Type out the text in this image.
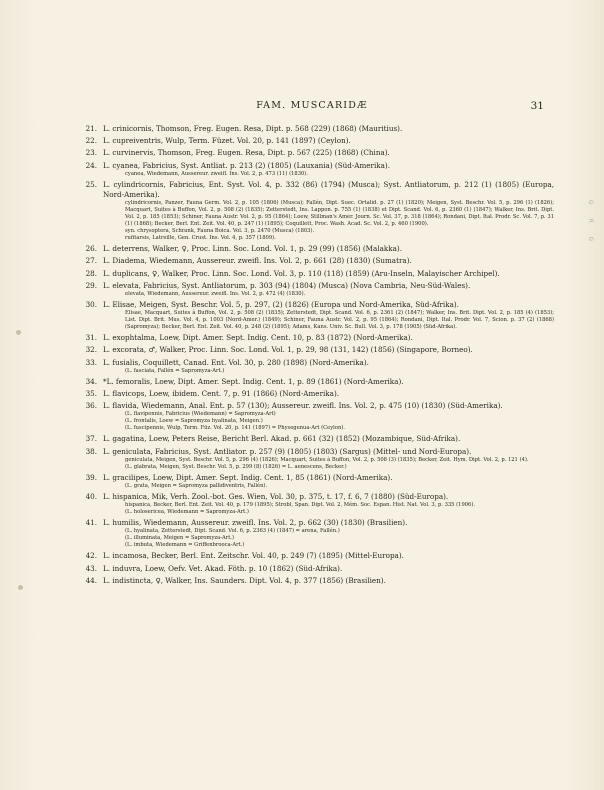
FAM. MUSCARIDÆ	31
21. L. crinicornis, Thomson, Freg. Eugen. Resa, Dipt. p. 568 (229) (1868) (Mauritius).
22. L. cupreiventris, Wulp, Term. Füzet. Vol. 20, p. 141 (1897) (Ceylon).
23. L. curvinervis, Thomson, Freg. Eugen. Resa, Dipt. p. 567 (225) (1868) (China).
24. L. cyanea, Fabricius, Syst. Antliat. p. 213 (2) (1805) (Lauxania) (Süd-Amerika).
cyanea, Wiedemann, Aussereur. zweifl. Ins. Vol. 2, p. 473 (11) (1830).
25. L. cylindricornis, Fabricius, Ent. Syst. Vol. 4, p. 332 (86) (1794) (Musca); Syst. Antliatorum, p. 212 (1) (1805) (Europa, Nord-Amerika).
cylindricornis, Panzer, Fauna Germ. Vol. 2, p. 105 (1806) (Musca); Fallén, Dipt. Suec. Ortalid. p. 27 (1) (1820); Meigen, Syst. Beschr. Vol. 5, p. 296 (1) (1826); Macquart, Suites à Buffon, Vol. 2, p. 508 (2) (1835); Zetterstedt, Ins. Lappon. p. 755 (1) (1838) et Dipt. Scand. Vol. 6, p. 2360 (1) (1847); Walker, Ins. Brit. Dipt. Vol. 2, p. 185 (1853); Schiner, Fauna Austr. Vol. 2, p. 95 (1864); Loew, Stillman's Amer. Journ. Sc. Vol. 37, p. 318 (1864); Rondani, Dipt. Ital. Prodr. Sc. Vol. 7, p. 31 (1) (1868); Becker, Berl. Ent. Zeit. Vol. 40, p. 247 (1) (1895); Coquillett, Proc. Wash. Acad. Sc. Vol. 2, p. 460 (1900).
syn. chrysoptera, Schrank, Fauna Boica. Vol. 3, p. 2470 (Musca) (1803).
rufitarsis, Latreille, Gen. Crust. Ins. Vol. 4, p. 357 (1809).
26. L. deterrens, Walker, ♀, Proc. Linn. Soc. Lond. Vol. 1, p. 29 (99) (1856) (Malakka).
27. L. Diadema, Wiedemann, Aussereur. zweifl. Ins. Vol. 2, p. 661 (28) (1830) (Sumatra).
28. L. duplicans, ♀, Walker, Proc. Linn. Soc. Lond. Vol. 3, p. 110 (118) (1859) (Aru-Inseln, Malayischer Archipel).
29. L. elevata, Fabricius, Syst. Antliatorum, p. 303 (94) (1804) (Musca) (Nova Cambria, Neu-Süd-Wales).
elevata, Wiedemann, Aussereur. zweifl. Ins. Vol. 2, p. 472 (4) (1830).
30. L. Elisae, Meigen, Syst. Beschr. Vol. 5, p. 297, (2) (1826) (Europa und Nord-Amerika, Süd-Afrika).
Elisae, Macquart, Suites à Buffon, Vol. 2, p. 508 (2) (1835); Zetterstedt, Dipt. Scand. Vol. 6, p. 2361 (2) (1847); Walker, Ins. Brit. Dipt. Vol. 2, p. 185 (4) (1853); List. Dipt. Brit. Mus. Vol. 4, p. 1003 (Nord-Amer.) (1849); Schiner, Fauna Austr. Vol. 2, p. 95 (1864); Rondani, Dipt. Ital. Prodr. Vol. 7, Scion. p. 37 (2) (1868) (Sapromyza); Becker, Berl. Ent. Zeit. Vol. 40, p. 248 (2) (1895); Adams, Kans. Univ. Sc. Bull. Vol. 3, p. 178 (1905) (Süd-Afrika).
31. L. exophtalma, Loew, Dipt. Amer. Sept. Indig. Cent. 10, p. 83 (1872) (Nord-Amerika).
32. L. excorata, ♂, Walker, Proc. Linn. Soc. Lond. Vol. 1, p. 29, 98 (131, 142) (1856) (Singapore, Borneo).
33. L. fusialis, Coquillett, Canad. Ent. Vol. 30, p. 280 (1898) (Nord-Amerika).
(L. fasciata, Fallén = Sapromyza-Art.)
34. *L. femoralis, Loew, Dipt. Amer. Sept. Indig. Cent. 1, p. 89 (1861) (Nord-Amerika).
35. L. flavicops, Loew, ibidem. Cent. 7, p. 91 (1866) (Nord-Amerika).
36. L. flavida, Wiedemann, Anal. Ent. p. 57 (130); Aussereur. zweifl. Ins. Vol. 2, p. 475 (10) (1830) (Süd-Amerika).
(L. flavipennis, Fabricius (Wiedemann) = Sapromyza-Art)
(L. frontalis, Loew = Sapromyza hyalinata, Meigen.)
(L. fuscipennis, Wulp, Term. Füz. Vol. 20, p. 141 (1897) = Physegenua-Art (Ceylon).
37. L. gagatina, Loew, Peters Reise, Bericht Berl. Akad. p. 661 (32) (1852) (Mozambique, Süd-Afrika).
38. L. geniculata, Fabricius, Syst. Antliator. p. 257 (9) (1805) (1803) (Sargus) (Mittel- und Nord-Europa).
geniculata, Meigen, Syst. Beschr. Vol. 5, p. 296 (4) (1826); Macquart, Suites à Buffon, Vol. 2, p. 508 (3) (1835); Becker, Zeit. Hym. Dipt. Vol. 2, p. 121 (4).
(L. glabrata, Meigen, Syst. Beschr. Vol. 5, p. 299 (8) (1826) = L. aenescens, Becker.)
39. L. gracilipes, Loew, Dipt. Amer. Sept. Indig. Cent. 1, 85 (1861) (Nord-Amerika).
(L. grata, Meigen = Sapromyza pallidiventris, Fallén).
40. L. hispanica, Mik, Verh. Zool.-bot. Ges. Wien, Vol. 30, p. 375, t. 17, f. 6, 7 (1880) (Süd-Europa).
hispanica, Becker, Berl. Ent. Zeit. Vol. 40, p. 179 (1895); Strobl, Span. Dipt. Vol. 2, Mém. Soc. Espan. Hist. Nat. Vol. 3, p. 335 (1906).
(L. holosericea, Wiedemann = Sapromyza-Art.)
41. L. humilis, Wiedemann, Aussereur. zweifl. Ins. Vol. 2, p. 662 (30) (1830) (Brasilien).
(L. hyalinata, Zetterstedt, Dipt. Scand. Vol. 6, p. 2363 (4) (1847) = arena, Fallén.)
(L. illuminata, Meigen = Sapromyza-Art.)
(L. imbuta, Wiedemann = Griffenbrooca-Art.)
42. L. incamosa, Becker, Berl. Ent. Zeitschr. Vol. 40, p. 249 (7) (1895) (Mittel-Europa).
43. L. induvra, Loew, Oefv. Vet. Akad. Föth. p. 10 (1862) (Süd-Afrika).
44. L. indistincta, ♀, Walker, Ins. Saunders. Dipt. Vol. 4, p. 377 (1856) (Brasilien).
G R G
